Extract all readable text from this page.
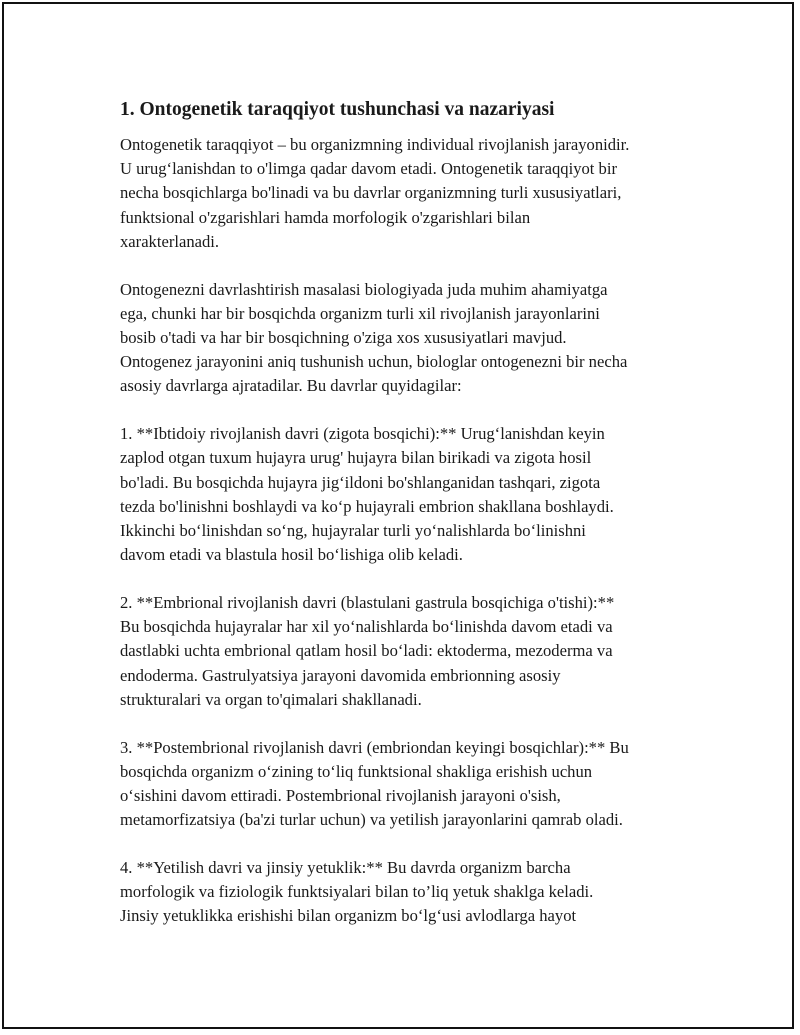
1. Ontogenetik taraqqiyot tushunchasi va nazariyasi

Ontogenetik taraqqiyot – bu organizmning individual rivojlanish jarayonidir.
U urug‘lanishdan to o'limga qadar davom etadi. Ontogenetik taraqqiyot bir
necha bosqichlarga bo'linadi va bu davrlar organizmning turli xususiyatlari,
funktsional o'zgarishlari hamda morfologik o'zgarishlari bilan
xarakterlanadi.

Ontogenezni davrlashtirish masalasi biologiyada juda muhim ahamiyatga
ega, chunki har bir bosqichda organizm turli xil rivojlanish jarayonlarini
bosib o'tadi va har bir bosqichning o'ziga xos xususiyatlari mavjud.
Ontogenez jarayonini aniq tushunish uchun, biologlar ontogenezni bir necha
asosiy davrlarga ajratadilar. Bu davrlar quyidagilar:

1. **Ibtidoiy rivojlanish davri (zigota bosqichi):** Urug‘lanishdan keyin
zaplod otgan tuxum hujayra urug' hujayra bilan birikadi va zigota hosil
bo'ladi. Bu bosqichda hujayra jig‘ildoni bo'shlanganidan tashqari, zigota
tezda bo'linishni boshlaydi va ko‘p hujayrali embrion shakllana boshlaydi.
Ikkinchi bo‘linishdan so‘ng, hujayralar turli yo‘nalishlarda bo‘linishni
davom etadi va blastula hosil bo‘lishiga olib keladi.

2. **Embrional rivojlanish davri (blastulani gastrula bosqichiga o'tishi):**
Bu bosqichda hujayralar har xil yo‘nalishlarda bo‘linishda davom etadi va
dastlabki uchta embrional qatlam hosil bo‘ladi: ektoderma, mezoderma va
endoderma. Gastrulyatsiya jarayoni davomida embrionning asosiy
strukturalari va organ to'qimalari shakllanadi.

3. **Postembrional rivojlanish davri (embriondan keyingi bosqichlar):** Bu
bosqichda organizm o‘zining to‘liq funktsional shakliga erishish uchun
o‘sishini davom ettiradi. Postembrional rivojlanish jarayoni o'sish,
metamorfizatsiya (ba'zi turlar uchun) va yetilish jarayonlarini qamrab oladi.

4. **Yetilish davri va jinsiy yetuklik:** Bu davrda organizm barcha
morfologik va fiziologik funktsiyalari bilan to’liq yetuk shaklga keladi.
Jinsiy yetuklikka erishishi bilan organizm bo‘lg‘usi avlodlarga hayot
